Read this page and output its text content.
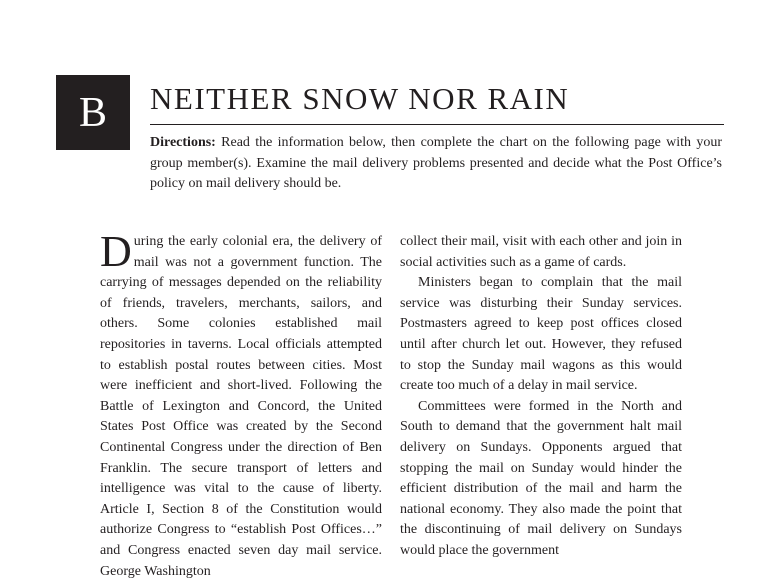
B NEITHER SNOW NOR RAIN

Directions: Read the information below, then complete the chart on the following page with your group member(s). Examine the mail delivery problems presented and decide what the Post Office’s policy on mail delivery should be.

During the early colonial era, the delivery of mail was not a government function. The carrying of messages depended on the reliability of friends, travelers, merchants, sailors, and others. Some colonies established mail repositories in taverns. Local officials attempted to establish postal routes between cities. Most were inefficient and short-lived. Following the Battle of Lexington and Concord, the United States Post Office was created by the Second Continental Congress under the direction of Ben Franklin. The secure transport of letters and intelligence was vital to the cause of liberty. Article I, Section 8 of the Constitution would authorize Congress to “establish Post Offices…” and Congress enacted seven day mail service. George Washington

collect their mail, visit with each other and join in social activities such as a game of cards.

Ministers began to complain that the mail service was disturbing their Sunday services. Postmasters agreed to keep post offices closed until after church let out. However, they refused to stop the Sunday mail wagons as this would create too much of a delay in mail service.

Committees were formed in the North and South to demand that the government halt mail delivery on Sundays. Opponents argued that stopping the mail on Sunday would hinder the efficient distribution of the mail and harm the national economy. They also made the point that the discontinuing of mail delivery on Sundays would place the government
